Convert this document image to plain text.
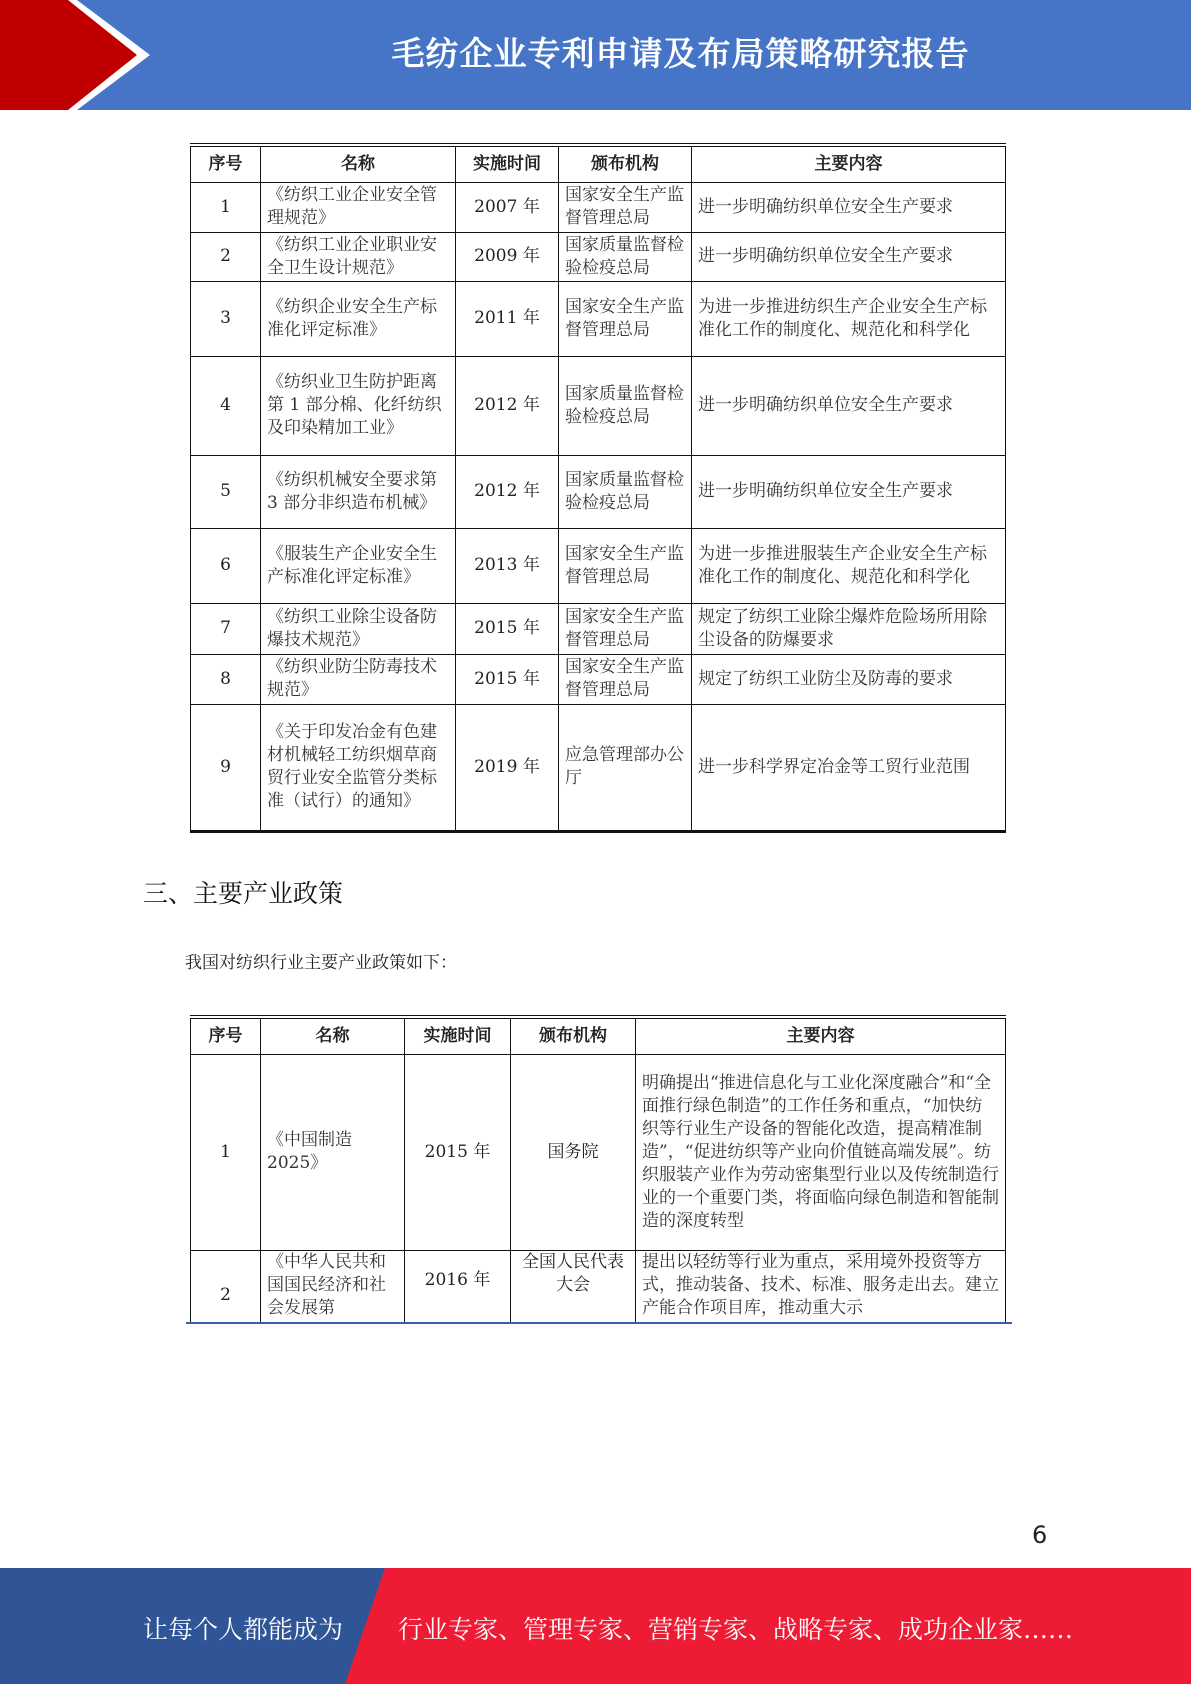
毛纺企业专利申请及布局策略研究报告
序号	名称	实施时间	颁布机构	主要内容
1	《纺织工业企业安全管理规范》	2007 年	国家安全生产监督管理总局	进一步明确纺织单位安全生产要求
2	《纺织工业企业职业安全卫生设计规范》	2009 年	国家质量监督检验检疫总局	进一步明确纺织单位安全生产要求
3	《纺织企业安全生产标准化评定标准》	2011 年	国家安全生产监督管理总局	为进一步推进纺织生产企业安全生产标准化工作的制度化、规范化和科学化
4	《纺织业卫生防护距离第 1 部分棉、化纤纺织及印染精加工业》	2012 年	国家质量监督检验检疫总局	进一步明确纺织单位安全生产要求
5	《纺织机械安全要求第 3 部分非织造布机械》	2012 年	国家质量监督检验检疫总局	进一步明确纺织单位安全生产要求
6	《服装生产企业安全生产标准化评定标准》	2013 年	国家安全生产监督管理总局	为进一步推进服装生产企业安全生产标准化工作的制度化、规范化和科学化
7	《纺织工业除尘设备防爆技术规范》	2015 年	国家安全生产监督管理总局	规定了纺织工业除尘爆炸危险场所用除尘设备的防爆要求
8	《纺织业防尘防毒技术规范》	2015 年	国家安全生产监督管理总局	规定了纺织工业防尘及防毒的要求
9	《关于印发冶金有色建材机械轻工纺织烟草商贸行业安全监管分类标准（试行）的通知》	2019 年	应急管理部办公厅	进一步科学界定冶金等工贸行业范围
三、主要产业政策
我国对纺织行业主要产业政策如下：
序号	名称	实施时间	颁布机构	主要内容
1	《中国制造 2025》	2015 年	国务院	明确提出“推进信息化与工业化深度融合”和“全面推行绿色制造”的工作任务和重点，“加快纺织等行业生产设备的智能化改造，提高精准制造”，“促进纺织等产业向价值链高端发展”。纺织服装产业作为劳动密集型行业以及传统制造行业的一个重要门类，将面临向绿色制造和智能制造的深度转型
2	《中华人民共和国国民经济和社会发展第	2016 年	全国人民代表大会	提出以轻纺等行业为重点，采用境外投资等方式，推动装备、技术、标准、服务走出去。建立产能合作项目库，推动重大示
6
让每个人都能成为 行业专家、管理专家、营销专家、战略专家、成功企业家……
